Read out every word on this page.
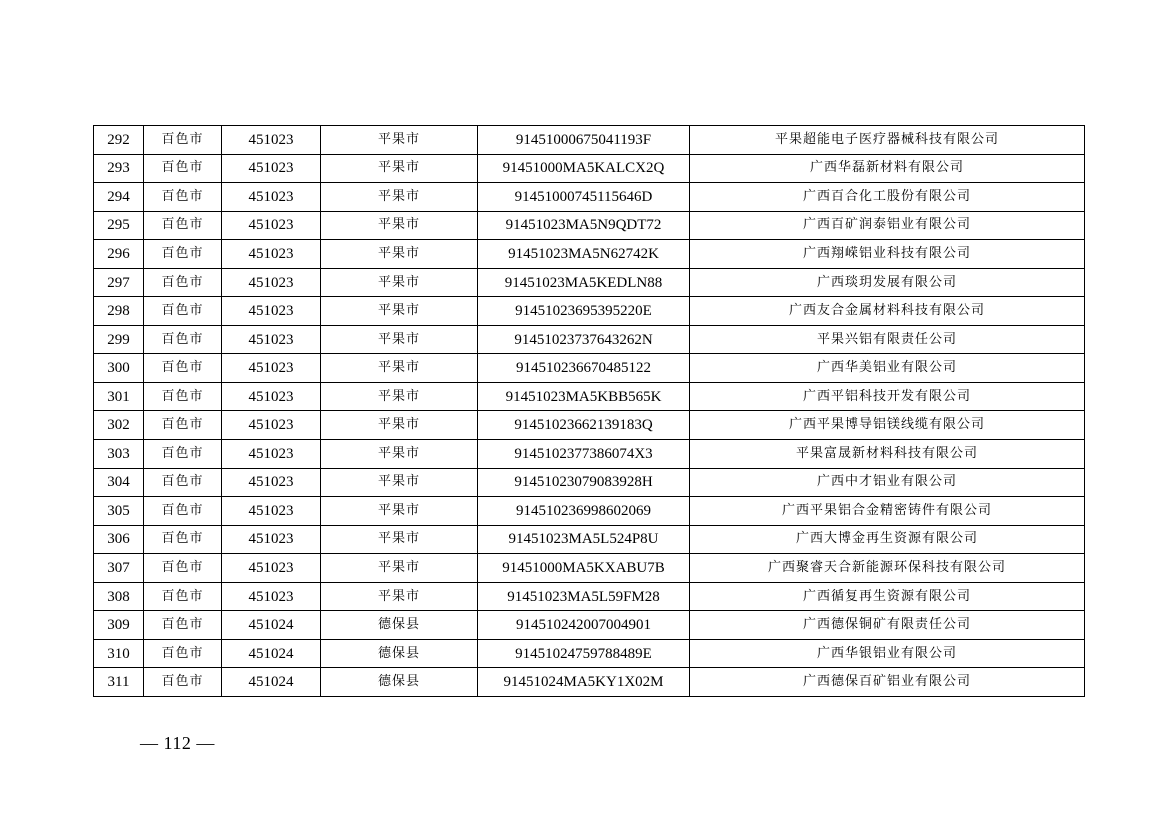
292	百色市	451023	平果市	91451000675041193F	平果超能电子医疗器械科技有限公司
293	百色市	451023	平果市	91451000MA5KALCX2Q	广西华磊新材料有限公司
294	百色市	451023	平果市	91451000745115646D	广西百合化工股份有限公司
295	百色市	451023	平果市	91451023MA5N9QDT72	广西百矿润泰铝业有限公司
296	百色市	451023	平果市	91451023MA5N62742K	广西翔嵘铝业科技有限公司
297	百色市	451023	平果市	91451023MA5KEDLN88	广西琰玥发展有限公司
298	百色市	451023	平果市	91451023695395220E	广西友合金属材料科技有限公司
299	百色市	451023	平果市	91451023737643262N	平果兴铝有限责任公司
300	百色市	451023	平果市	914510236670485122	广西华美铝业有限公司
301	百色市	451023	平果市	91451023MA5KBB565K	广西平铝科技开发有限公司
302	百色市	451023	平果市	91451023662139183Q	广西平果博导铝镁线缆有限公司
303	百色市	451023	平果市	9145102377386074X3	平果富晟新材料科技有限公司
304	百色市	451023	平果市	91451023079083928H	广西中才铝业有限公司
305	百色市	451023	平果市	914510236998602069	广西平果铝合金精密铸件有限公司
306	百色市	451023	平果市	91451023MA5L524P8U	广西大博金再生资源有限公司
307	百色市	451023	平果市	91451000MA5KXABU7B	广西聚睿天合新能源环保科技有限公司
308	百色市	451023	平果市	91451023MA5L59FM28	广西循复再生资源有限公司
309	百色市	451024	德保县	914510242007004901	广西德保铜矿有限责任公司
310	百色市	451024	德保县	91451024759788489E	广西华银铝业有限公司
311	百色市	451024	德保县	91451024MA5KY1X02M	广西德保百矿铝业有限公司
— 112 —
